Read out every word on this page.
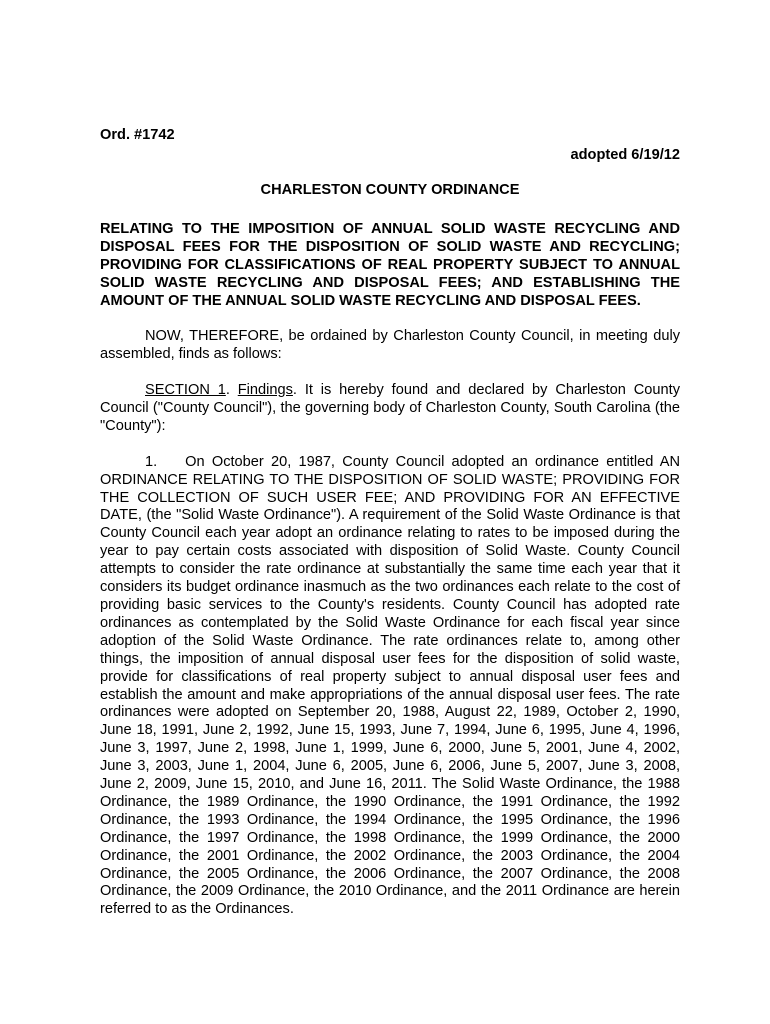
Ord. #1742

adopted 6/19/12

CHARLESTON COUNTY ORDINANCE

RELATING TO THE IMPOSITION OF ANNUAL SOLID WASTE RECYCLING AND DISPOSAL FEES FOR THE DISPOSITION OF SOLID WASTE AND RECYCLING; PROVIDING FOR CLASSIFICATIONS OF REAL PROPERTY SUBJECT TO ANNUAL SOLID WASTE RECYCLING AND DISPOSAL FEES; AND ESTABLISHING THE AMOUNT OF THE ANNUAL SOLID WASTE RECYCLING AND DISPOSAL FEES.

NOW, THEREFORE, be ordained by Charleston County Council, in meeting duly assembled, finds as follows:

SECTION 1. Findings. It is hereby found and declared by Charleston County Council ("County Council"), the governing body of Charleston County, South Carolina (the "County"):

1. On October 20, 1987, County Council adopted an ordinance entitled AN ORDINANCE RELATING TO THE DISPOSITION OF SOLID WASTE; PROVIDING FOR THE COLLECTION OF SUCH USER FEE; AND PROVIDING FOR AN EFFECTIVE DATE, (the "Solid Waste Ordinance"). A requirement of the Solid Waste Ordinance is that County Council each year adopt an ordinance relating to rates to be imposed during the year to pay certain costs associated with disposition of Solid Waste. County Council attempts to consider the rate ordinance at substantially the same time each year that it considers its budget ordinance inasmuch as the two ordinances each relate to the cost of providing basic services to the County's residents. County Council has adopted rate ordinances as contemplated by the Solid Waste Ordinance for each fiscal year since adoption of the Solid Waste Ordinance. The rate ordinances relate to, among other things, the imposition of annual disposal user fees for the disposition of solid waste, provide for classifications of real property subject to annual disposal user fees and establish the amount and make appropriations of the annual disposal user fees. The rate ordinances were adopted on September 20, 1988, August 22, 1989, October 2, 1990, June 18, 1991, June 2, 1992, June 15, 1993, June 7, 1994, June 6, 1995, June 4, 1996, June 3, 1997, June 2, 1998, June 1, 1999, June 6, 2000, June 5, 2001, June 4, 2002, June 3, 2003, June 1, 2004, June 6, 2005, June 6, 2006, June 5, 2007, June 3, 2008, June 2, 2009, June 15, 2010, and June 16, 2011. The Solid Waste Ordinance, the 1988 Ordinance, the 1989 Ordinance, the 1990 Ordinance, the 1991 Ordinance, the 1992 Ordinance, the 1993 Ordinance, the 1994 Ordinance, the 1995 Ordinance, the 1996 Ordinance, the 1997 Ordinance, the 1998 Ordinance, the 1999 Ordinance, the 2000 Ordinance, the 2001 Ordinance, the 2002 Ordinance, the 2003 Ordinance, the 2004 Ordinance, the 2005 Ordinance, the 2006 Ordinance, the 2007 Ordinance, the 2008 Ordinance, the 2009 Ordinance, the 2010 Ordinance, and the 2011 Ordinance are herein referred to as the Ordinances.
